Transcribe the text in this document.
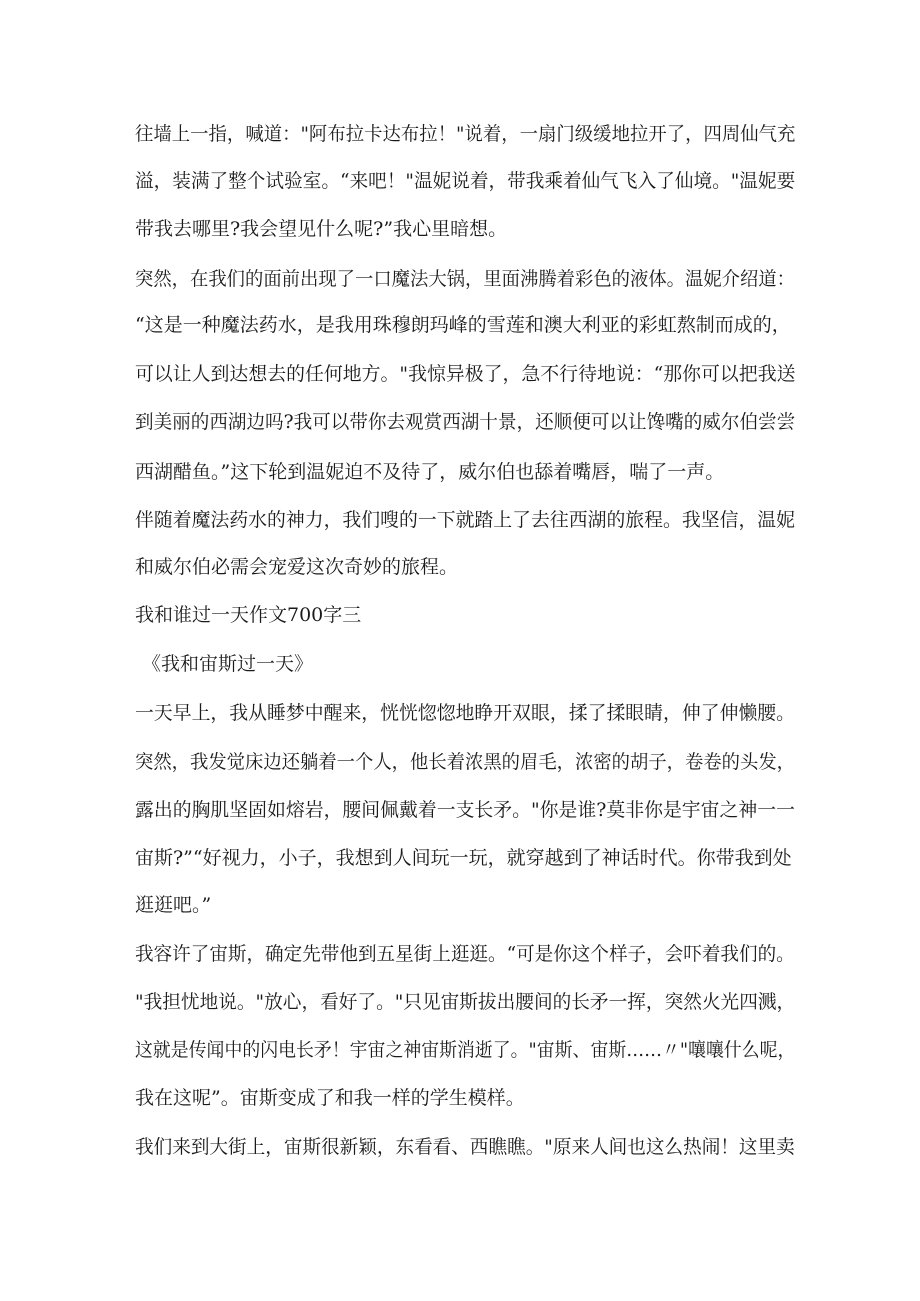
往墙上一指，喊道："阿布拉卡达布拉！"说着，一扇门级缓地拉开了，四周仙气充
溢，装满了整个试验室。“来吧！"温妮说着，带我乘着仙气飞入了仙境。"温妮要
带我去哪里?我会望见什么呢?”我心里暗想。
突然，在我们的面前出现了一口魔法大锅，里面沸腾着彩色的液体。温妮介绍道：
“这是一种魔法药水，是我用珠穆朗玛峰的雪莲和澳大利亚的彩虹熬制而成的，
可以让人到达想去的任何地方。"我惊异极了，急不行待地说：“那你可以把我送
到美丽的西湖边吗?我可以带你去观赏西湖十景，还顺便可以让馋嘴的威尔伯尝尝
西湖醋鱼。”这下轮到温妮迫不及待了，威尔伯也舔着嘴唇，喘了一声。
伴随着魔法药水的神力，我们嗖的一下就踏上了去往西湖的旅程。我坚信，温妮
和威尔伯必需会宠爱这次奇妙的旅程。
我和谁过一天作文700字三
《我和宙斯过一天》
一天早上，我从睡梦中醒来，恍恍惚惚地睁开双眼，揉了揉眼睛，伸了伸懒腰。
突然，我发觉床边还躺着一个人，他长着浓黑的眉毛，浓密的胡子，卷卷的头发，
露出的胸肌坚固如熔岩，腰间佩戴着一支长矛。"你是谁?莫非你是宇宙之神一一
宙斯?”“好视力，小子，我想到人间玩一玩，就穿越到了神话时代。你带我到处
逛逛吧。”
我容许了宙斯，确定先带他到五星街上逛逛。“可是你这个样子，会吓着我们的。
"我担忧地说。"放心，看好了。"只见宙斯拔出腰间的长矛一挥，突然火光四溅，
这就是传闻中的闪电长矛！宇宙之神宙斯消逝了。"宙斯、宙斯……〃"嚷嚷什么呢，
我在这呢”。宙斯变成了和我一样的学生模样。
我们来到大街上，宙斯很新颖，东看看、西瞧瞧。"原来人间也这么热闹！这里卖
